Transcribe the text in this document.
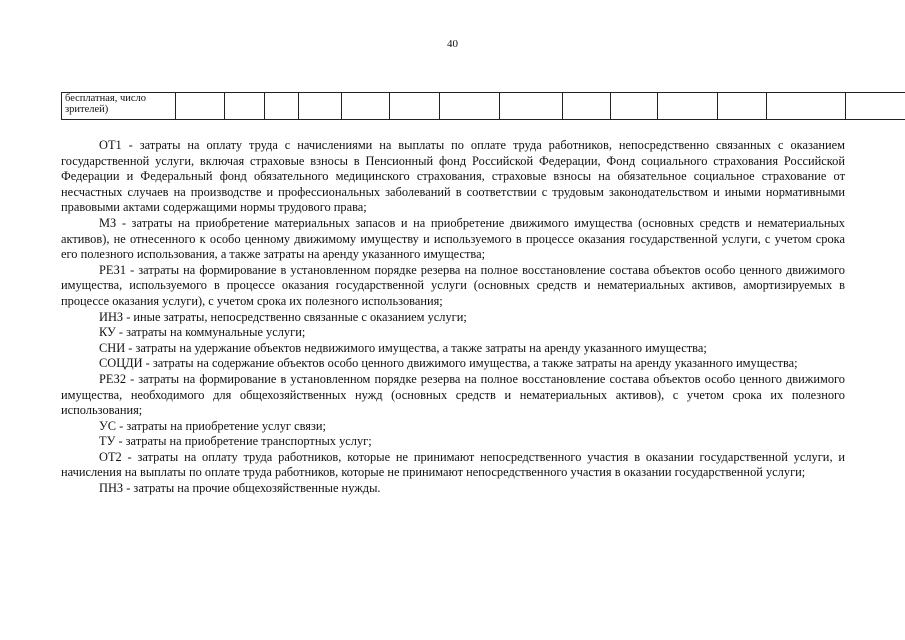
40
бесплатная, число зрителей)														

ОТ1 - затраты на оплату труда с начислениями на выплаты по оплате труда работников, непосредственно связанных с оказанием государственной услуги, включая страховые взносы в Пенсионный фонд Российской Федерации, Фонд социального страхования Российской Федерации и Федеральный фонд обязательного медицинского страхования, страховые взносы на обязательное социальное страхование от несчастных случаев на производстве и профессиональных заболеваний в соответствии с трудовым законодательством и иными нормативными правовыми актами содержащими нормы трудового права;

МЗ - затраты на приобретение материальных запасов и на приобретение движимого имущества (основных средств и нематериальных активов), не отнесенного к особо ценному движимому имуществу и используемого в процессе оказания государственной услуги, с учетом срока его полезного использования, а также затраты на аренду указанного имущества;

РЕЗ1 - затраты на формирование в установленном порядке резерва на полное восстановление состава объектов особо ценного движимого имущества, используемого в процессе оказания государственной услуги (основных средств и нематериальных активов, амортизируемых в процессе оказания услуги), с учетом срока их полезного использования;

ИНЗ - иные затраты, непосредственно связанные с оказанием услуги;

КУ - затраты на коммунальные услуги;

СНИ - затраты на удержание объектов недвижимого имущества, а также затраты на аренду указанного имущества;

СОЦДИ - затраты на содержание объектов особо ценного движимого имущества, а также затраты на аренду указанного имущества;

РЕЗ2 - затраты на формирование в установленном порядке резерва на полное восстановление состава объектов особо ценного движимого имущества, необходимого для общехозяйственных нужд (основных средств и нематериальных активов), с учетом срока их полезного использования;

УС - затраты на приобретение услуг связи;

ТУ - затраты на приобретение транспортных услуг;

ОТ2 - затраты на оплату труда работников, которые не принимают непосредственного участия в оказании государственной услуги, и начисления на выплаты по оплате труда работников, которые не принимают непосредственного участия в оказании государственной услуги;

ПНЗ - затраты на прочие общехозяйственные нужды.
